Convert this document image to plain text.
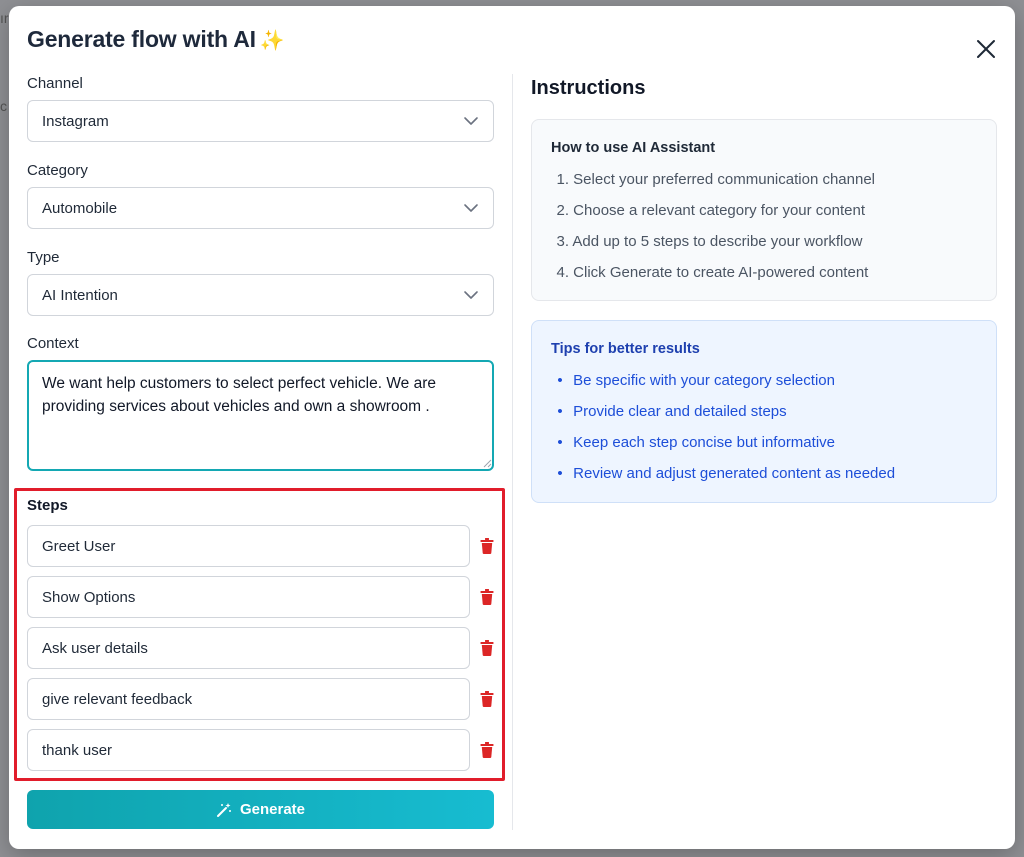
ır
c
Generate flow with AI ✨
Channel
Instagram
Category
Automobile
Type
AI Intention
Context
We want help customers to select perfect vehicle. We are providing services about vehicles and own a showroom .
Steps
Greet User
Show Options
Ask user details
give relevant feedback
thank user
Generate
Instructions
How to use AI Assistant
1. Select your preferred communication channel
2. Choose a relevant category for your content
3. Add up to 5 steps to describe your workflow
4. Click Generate to create AI-powered content
Tips for better results
• Be specific with your category selection
• Provide clear and detailed steps
• Keep each step concise but informative
• Review and adjust generated content as needed
